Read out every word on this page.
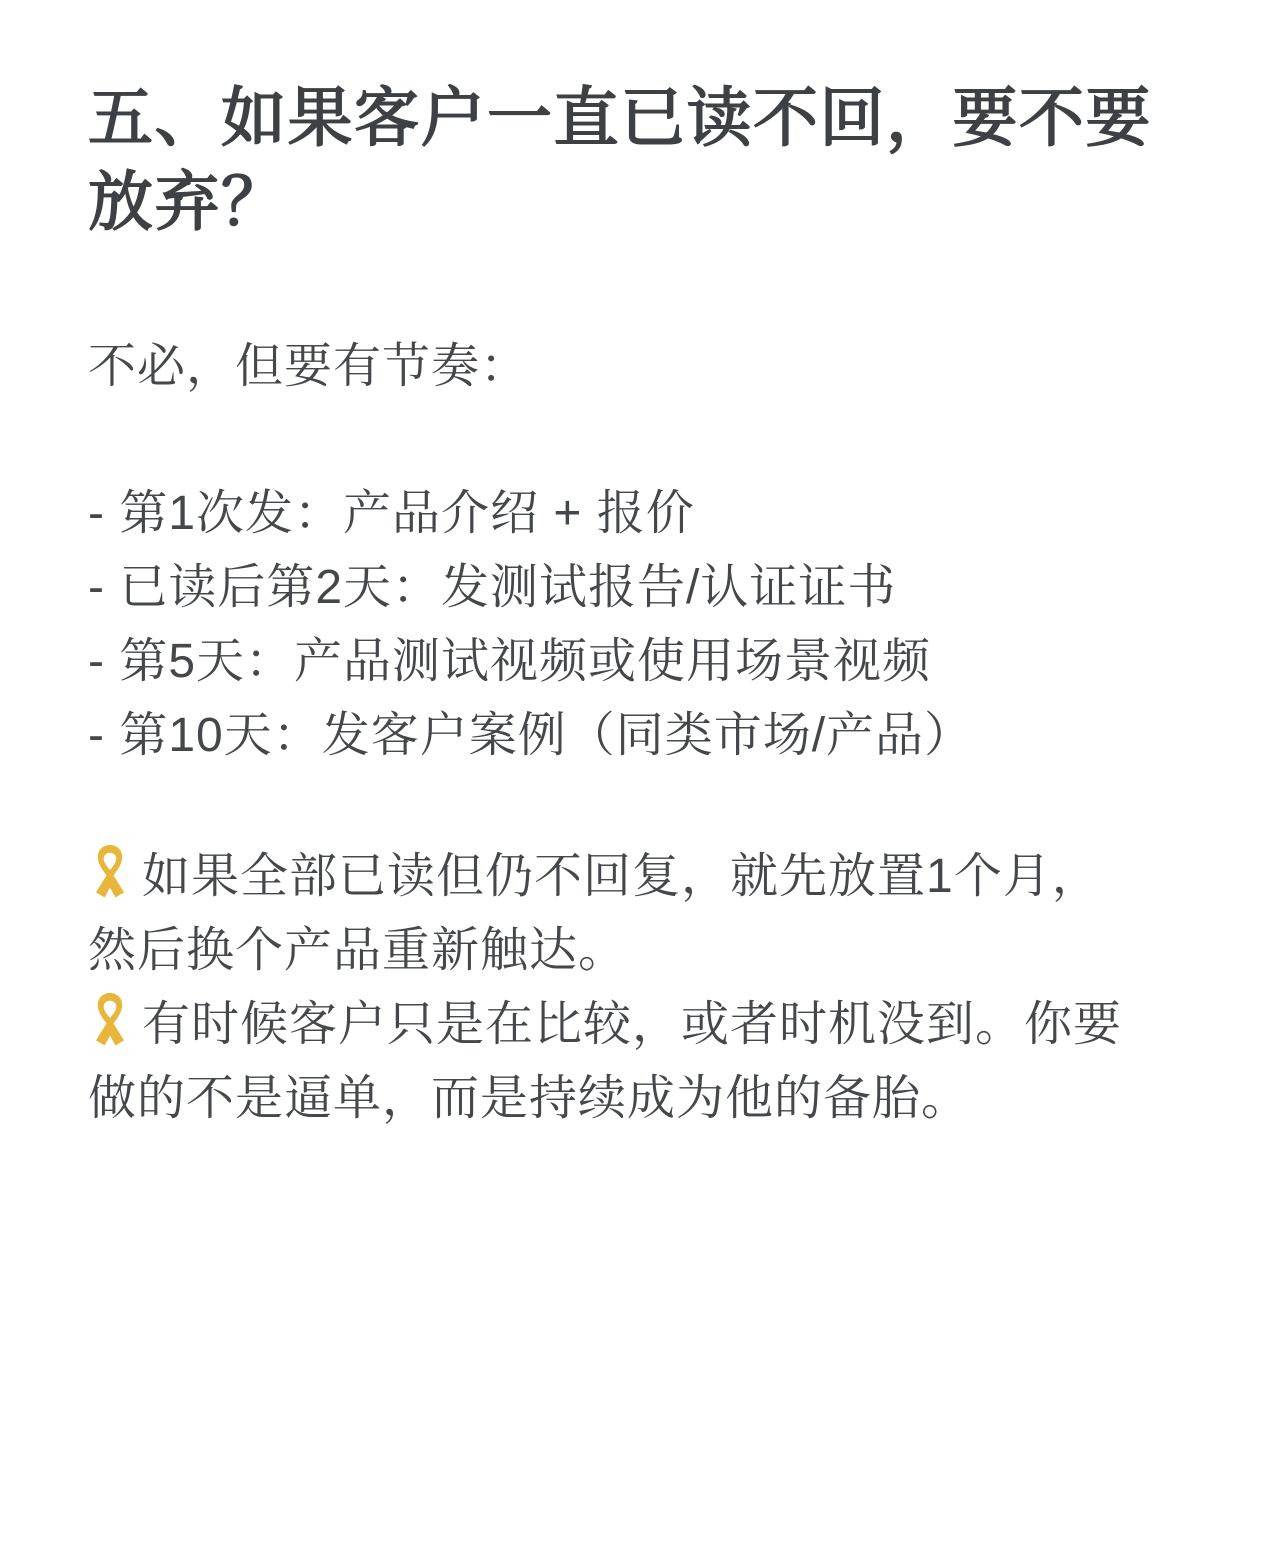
五、如果客户一直已读不回，要不要放弃？

不必，但要有节奏：

- 第1次发：产品介绍 + 报价

- 已读后第2天：发测试报告/认证证书

- 第5天：产品测试视频或使用场景视频

- 第10天：发客户案例（同类市场/产品）

如果全部已读但仍不回复，就先放置1个月，然后换个产品重新触达。

有时候客户只是在比较，或者时机没到。你要做的不是逼单，而是持续成为他的备胎。
